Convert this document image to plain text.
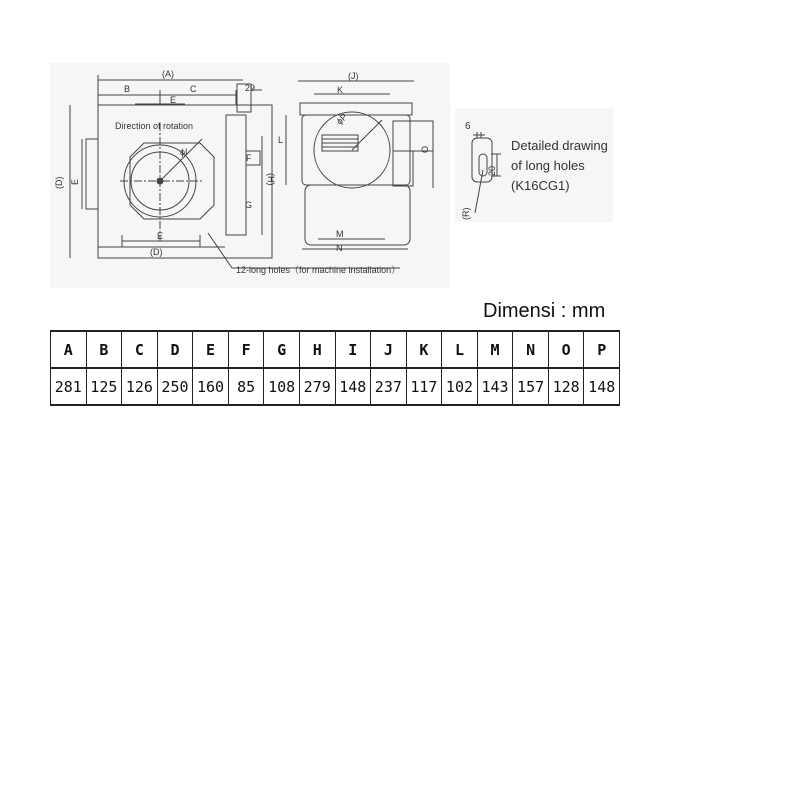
(A)
B	C
E
29
Direction of rotation
ϕI
E
(D)
(D) E	(H)
F
G
12-long holes（for machine installation）
(J)
K
L
ϕP
M
N
O
6
20
(R)
Detailed drawing
of long holes
(K16CG1)
Dimensi : mm
A	B	C	D	E	F	G	H	I	J	K	L	M	N	O	P
281	125	126	250	160	85	108	279	148	237	117	102	143	157	128	148
